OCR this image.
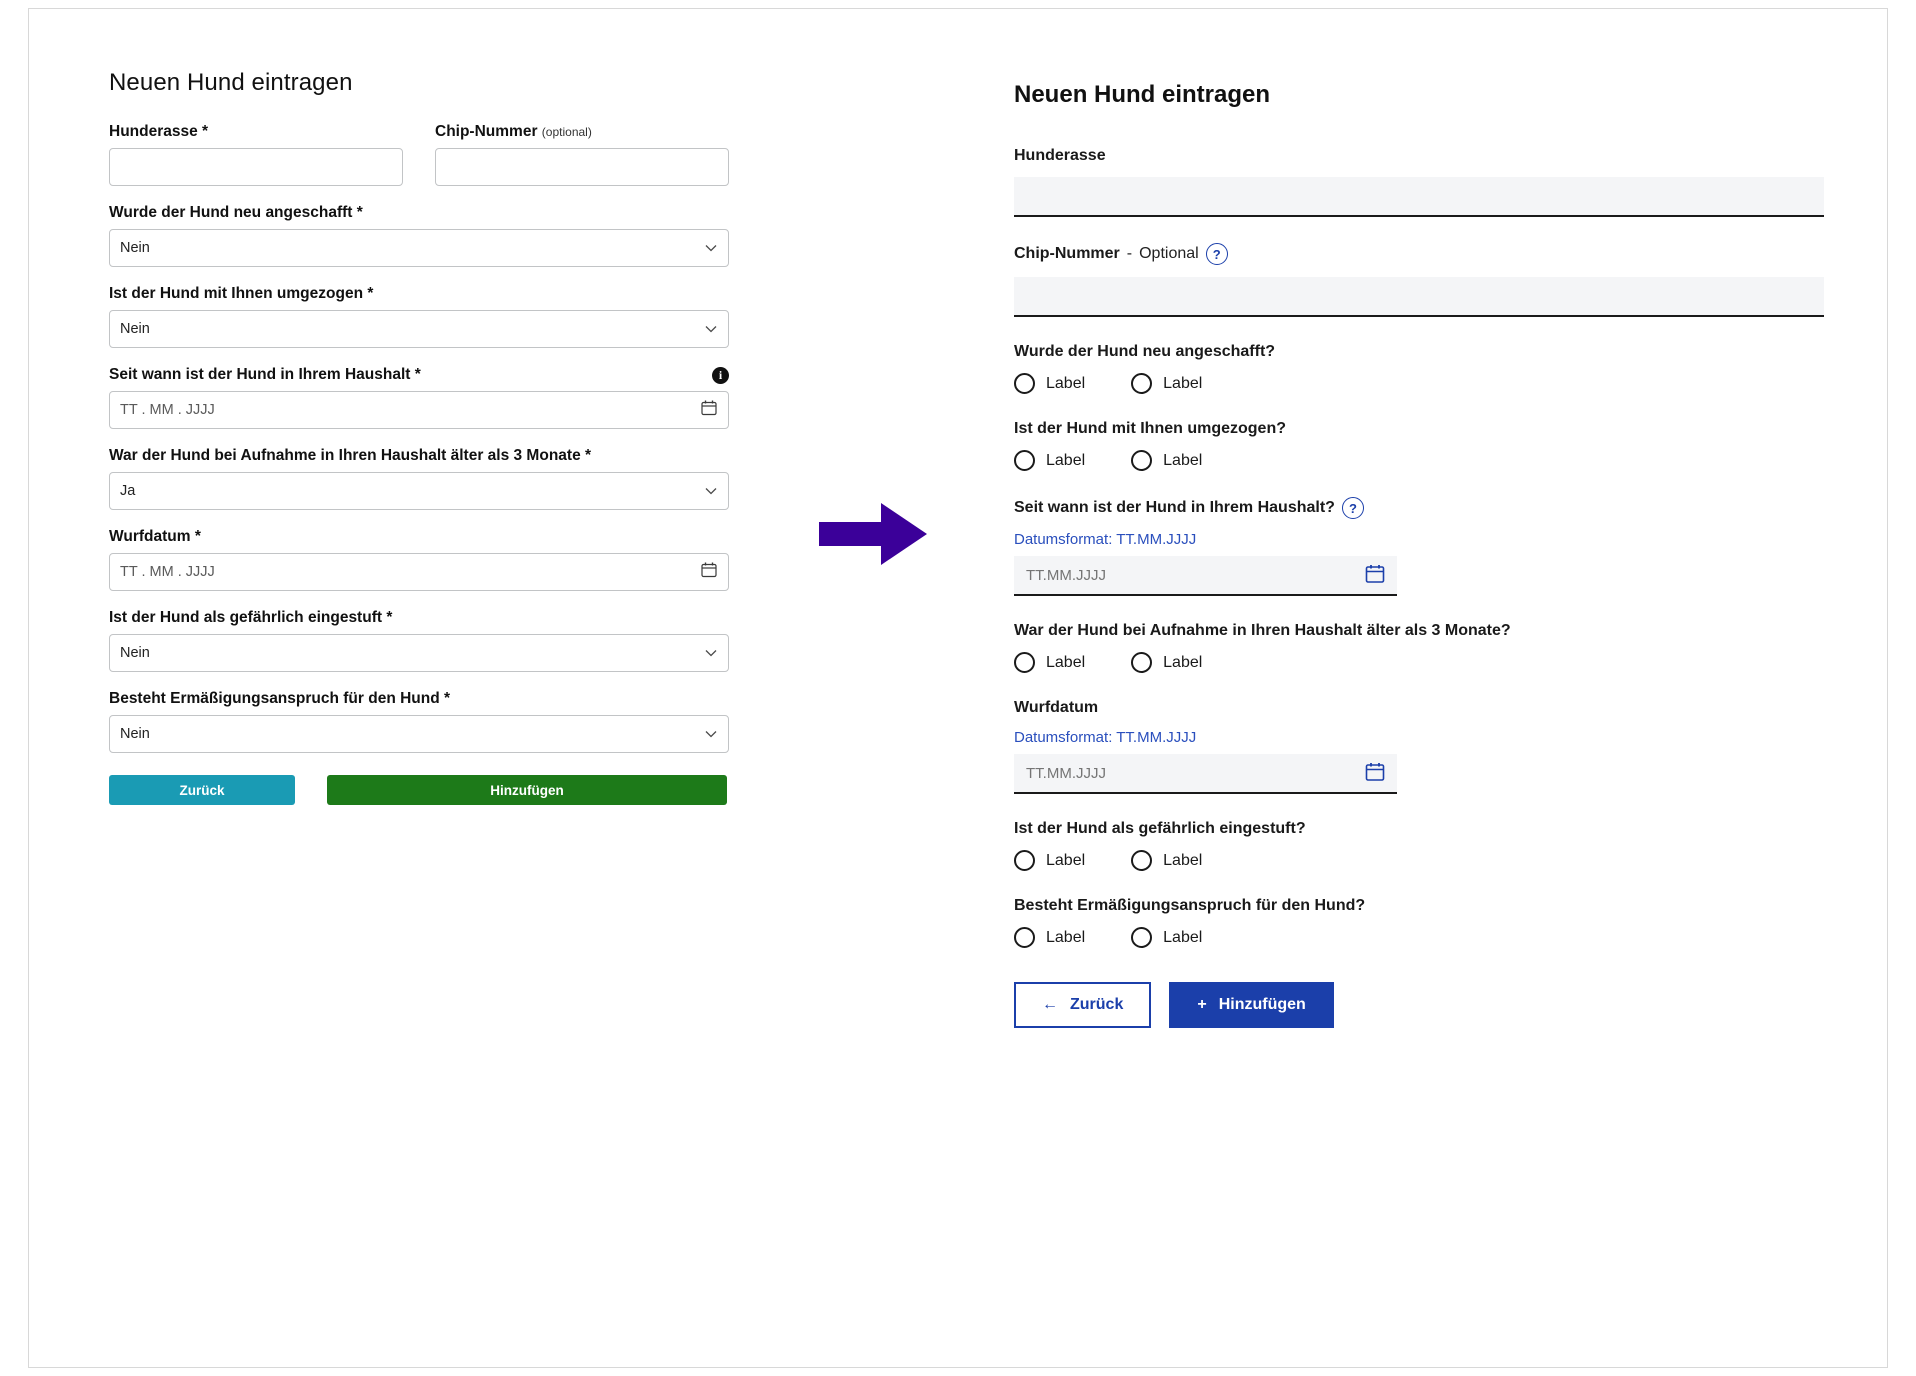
Neuen Hund eintragen
Hunderasse *	Chip-Nummer (optional)
Wurde der Hund neu angeschafft *
Nein
Ist der Hund mit Ihnen umgezogen *
Nein
Seit wann ist der Hund in Ihrem Haushalt *	i
TT . MM . JJJJ
War der Hund bei Aufnahme in Ihren Haushalt älter als 3 Monate *
Ja
Wurfdatum *
TT . MM . JJJJ
Ist der Hund als gefährlich eingestuft *
Nein
Besteht Ermäßigungsanspruch für den Hund *
Nein
Zurück	Hinzufügen
Neuen Hund eintragen
Hunderasse
Chip-Nummer - Optional	?
Wurde der Hund neu angeschafft?
Label	Label
Ist der Hund mit Ihnen umgezogen?
Label	Label
Seit wann ist der Hund in Ihrem Haushalt?	?
Datumsformat: TT.MM.JJJJ
TT.MM.JJJJ
War der Hund bei Aufnahme in Ihren Haushalt älter als 3 Monate?
Label	Label
Wurfdatum
Datumsformat: TT.MM.JJJJ
TT.MM.JJJJ
Ist der Hund als gefährlich eingestuft?
Label	Label
Besteht Ermäßigungsanspruch für den Hund?
Label	Label
← Zurück	+ Hinzufügen
